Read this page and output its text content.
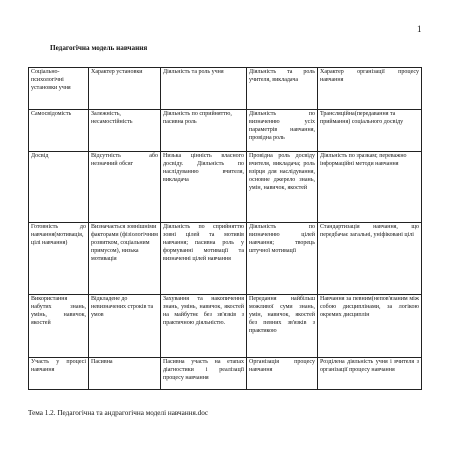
1
Педагогічна модель навчання
Соціально-психологічні установки учня	Характер установки	Діяльність та роль учня	Діяльність та роль учителя, викладача	Характер організації процесу навчання
Самосвідомість	Залежність, несамостійність	Діяльність по сприйняттю, пасивна роль	Діяльність по визначенню усіх параметрів навчання, провідна роль	Трансляційна(передавання та приймання) соціального досвіду
Досвід	Відсутність або незначний обсяг	Низька цінність власного досвіду. Діяльність по наслідуванню вчителя, викладача	Провідна роль досвіду вчителя, викладача; роль взірця для наслідування, основне джерело знань, умін, навичок, якостей	Діяльність по зразкам; переважно інформаційні методи навчання
Готовність до навчання(мотивація, цілі навчання)	Визначається зовнішніми факторами (фізіологічним розвитком, соціальним примусом), низька мотивація	Діяльність по сприйняттю зовні цілей та мотивів навчання; пасивна роль у формуванні мотивації та визначенні цілей навчання	Діяльність по визначенню цілей навчання; творець штучної мотивації	Стандартизація навчання, що передбачає загальні, уніфіковані цілі
Використання набутих знань, умінь, навичок, якостей	Відкладене до невизначених строків та умов	Захування та накопичення знань, умінь, навичок, якостей на майбутнє без зв'язків з практичною діяльністю.	Передання найбільш можливої суми знань, умін, навичок, якостей без певних зв'язків з практикою	Навчання за певним(непов'язаним між собою дисциплінами, за логікою окремих дисциплін
Участь у процесі навчання	Пасивна	Пасивна участь на етапах діагностики і реалізації процесу навчання	Організація процесу навчання	Розділена діяльність учня і вчителя з організації процесу навчання
Тема 1.2. Педагогічна та андрагогічна моделі навчання.doc
